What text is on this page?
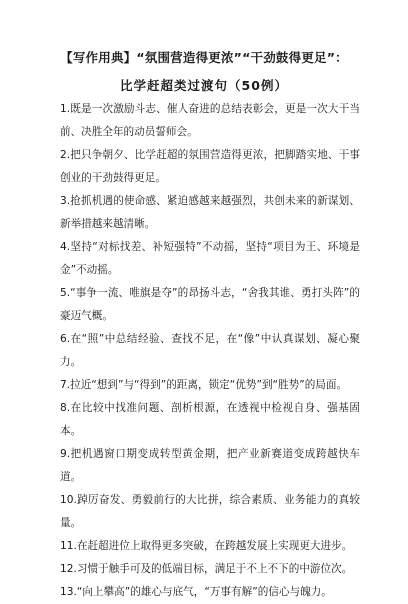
【写作用典】“氛围营造得更浓”“干劲鼓得更足”：
比学赶超类过渡句（50例）

1.既是一次激励斗志、催人奋进的总结表彰会，更是一次大干当前、决胜全年的动员誓师会。

2.把只争朝夕、比学赶超的氛围营造得更浓，把脚踏实地、干事创业的干劲鼓得更足。

3.抢抓机遇的使命感、紧迫感越来越强烈，共创未来的新谋划、新举措越来越清晰。

4.坚持“对标找差、补短强特”不动摇，坚持“项目为王、环境是金”不动摇。

5.“事争一流、唯旗是夺”的昂扬斗志，“舍我其谁、勇打头阵”的豪迈气概。

6.在“照”中总结经验、查找不足，在“像”中认真谋划、凝心聚力。

7.拉近“想到”与“得到”的距离，锁定“优势”到“胜势”的局面。

8.在比较中找准问题、剖析根源，在透视中检视自身、强基固本。

9.把机遇窗口期变成转型黄金期，把产业新赛道变成跨越快车道。

10.踔厉奋发、勇毅前行的大比拼，综合素质、业务能力的真较量。

11.在赶超进位上取得更多突破，在跨越发展上实现更大进步。

12.习惯于触手可及的低端目标，满足于不上不下的中游位次。

13.“向上攀高”的雄心与底气，“万事有解”的信心与魄力。
